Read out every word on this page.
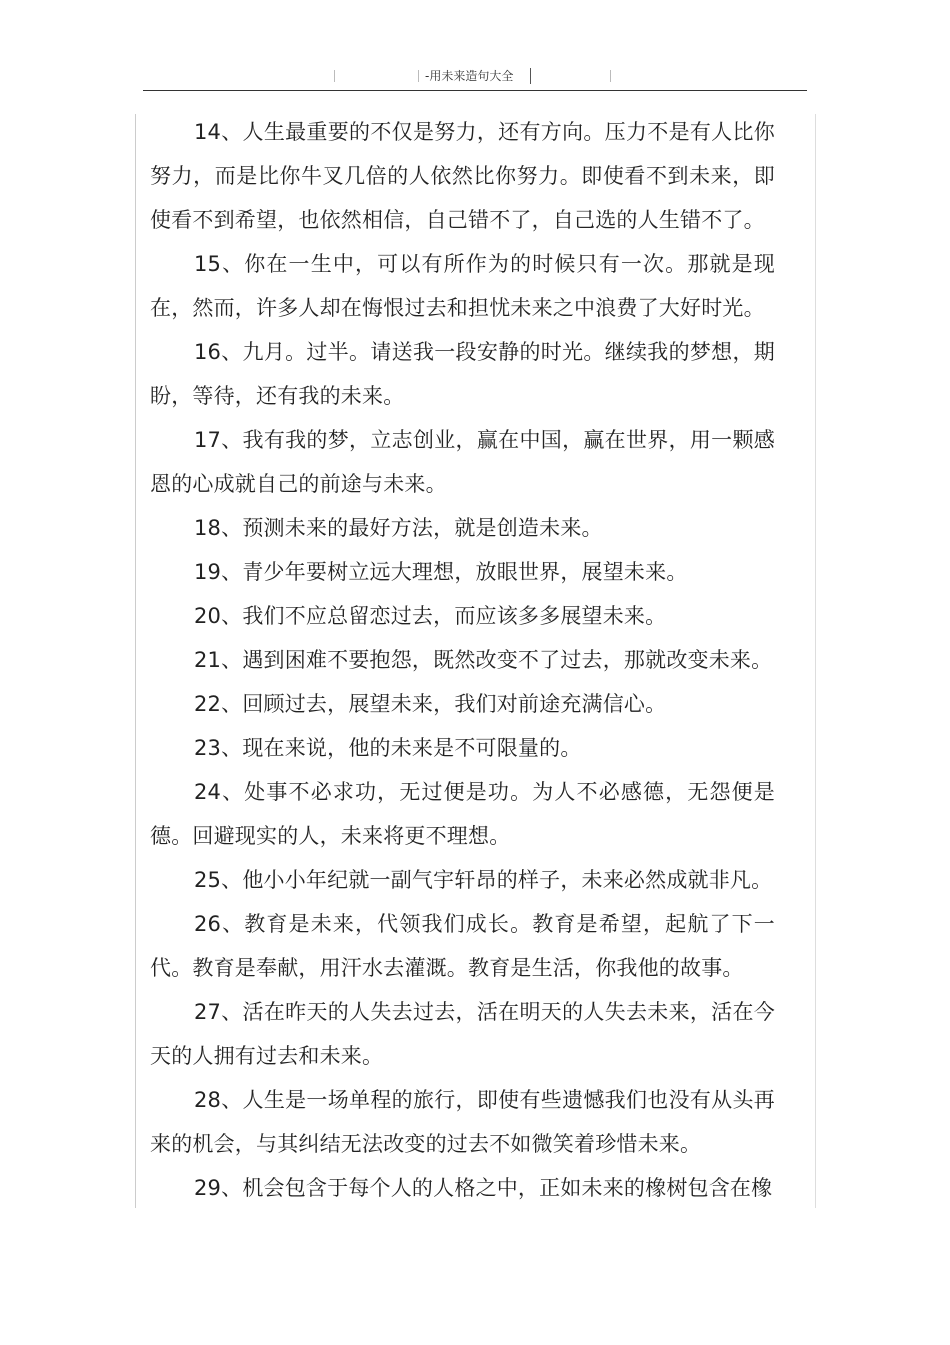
-用未来造句大全

14、人生最重要的不仅是努力，还有方向。压力不是有人比你努力，而是比你牛叉几倍的人依然比你努力。即使看不到未来，即使看不到希望，也依然相信，自己错不了，自己选的人生错不了。

15、你在一生中，可以有所作为的时候只有一次。那就是现在，然而，许多人却在悔恨过去和担忧未来之中浪费了大好时光。

16、九月。过半。请送我一段安静的时光。继续我的梦想，期盼，等待，还有我的未来。

17、我有我的梦，立志创业，赢在中国，赢在世界，用一颗感恩的心成就自己的前途与未来。

18、预测未来的最好方法，就是创造未来。

19、青少年要树立远大理想，放眼世界，展望未来。

20、我们不应总留恋过去，而应该多多展望未来。

21、遇到困难不要抱怨，既然改变不了过去，那就改变未来。

22、回顾过去，展望未来，我们对前途充满信心。

23、现在来说，他的未来是不可限量的。

24、处事不必求功，无过便是功。为人不必感德，无怨便是德。回避现实的人，未来将更不理想。

25、他小小年纪就一副气宇轩昂的样子，未来必然成就非凡。

26、教育是未来，代领我们成长。教育是希望，起航了下一代。教育是奉献，用汗水去灌溉。教育是生活，你我他的故事。

27、活在昨天的人失去过去，活在明天的人失去未来，活在今天的人拥有过去和未来。

28、人生是一场单程的旅行，即使有些遗憾我们也没有从头再来的机会，与其纠结无法改变的过去不如微笑着珍惜未来。

29、机会包含于每个人的人格之中，正如未来的橡树包含在橡
